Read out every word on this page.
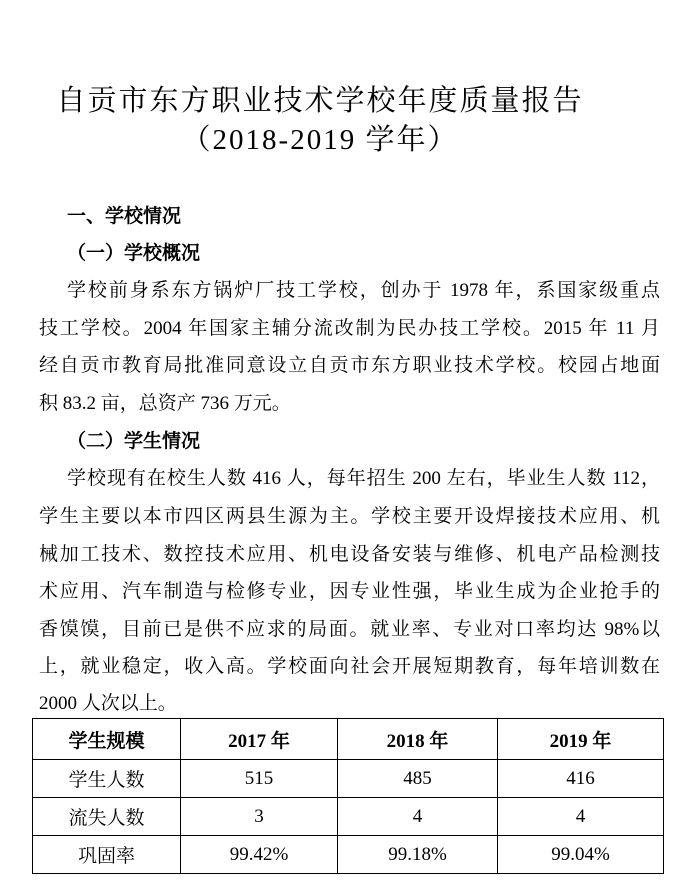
自贡市东方职业技术学校年度质量报告
（2018-2019 学年）
一、学校情况
（一）学校概况
学校前身系东方锅炉厂技工学校，创办于 1978 年，系国家级重点
技工学校。2004 年国家主辅分流改制为民办技工学校。2015 年 11 月
经自贡市教育局批准同意设立自贡市东方职业技术学校。校园占地面
积 83.2 亩，总资产 736 万元。
（二）学生情况
学校现有在校生人数 416 人，每年招生 200 左右，毕业生人数 112，
学生主要以本市四区两县生源为主。学校主要开设焊接技术应用、机
械加工技术、数控技术应用、机电设备安装与维修、机电产品检测技
术应用、汽车制造与检修专业，因专业性强，毕业生成为企业抢手的
香馍馍，目前已是供不应求的局面。就业率、专业对口率均达 98%以
上，就业稳定，收入高。学校面向社会开展短期教育，每年培训数在
2000 人次以上。
学生规模	2017 年	2018 年	2019 年
学生人数	515	485	416
流失人数	3	4	4
巩固率	99.42%	99.18%	99.04%
